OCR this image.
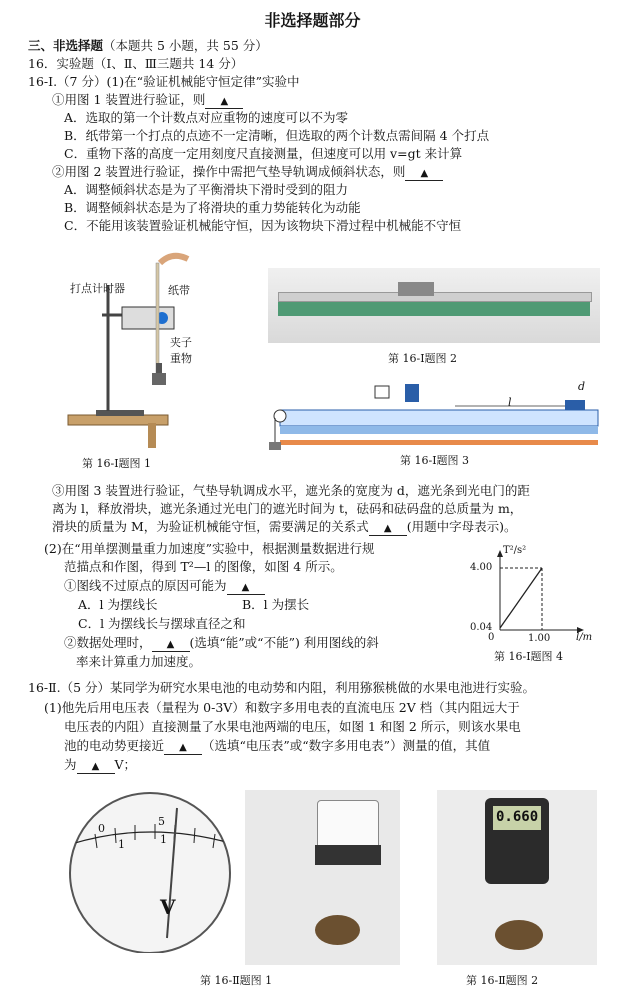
非选择题部分
三、非选择题（本题共 5 小题，共 55 分）
16．实验题（Ⅰ、Ⅱ、Ⅲ三题共 14 分）
16-Ⅰ.（7 分）(1)在“验证机械能守恒定律”实验中
①用图 1 装置进行验证，则 ▲
A．选取的第一个计数点对应重物的速度可以不为零
B．纸带第一个打点的点迹不一定清晰，但选取的两个计数点需间隔 4 个打点
C．重物下落的高度一定用刻度尺直接测量，但速度可以用 v=gt 来计算
②用图 2 装置进行验证，操作中需把气垫导轨调成倾斜状态，则 ▲
A．调整倾斜状态是为了平衡滑块下滑时受到的阻力
B．调整倾斜状态是为了将滑块的重力势能转化为动能
C．不能用该装置验证机械能守恒，因为该物块下滑过程中机械能不守恒
打点计时器	纸带
夹子
重物
第 16-Ⅰ题图 1
第 16-Ⅰ题图 2
l
d
第 16-Ⅰ题图 3
③用图 3 装置进行验证，气垫导轨调成水平，遮光条的宽度为 d，遮光条到光电门的距
离为 l，释放滑块，遮光条通过光电门的遮光时间为 t，砝码和砝码盘的总质量为 m，
滑块的质量为 M，为验证机械能守恒，需要满足的关系式 ▲ (用题中字母表示)。
(2)在“用单摆测量重力加速度”实验中，根据测量数据进行规
范描点和作图，得到 T²—l 的图像，如图 4 所示。
①图线不过原点的原因可能为 ▲
A．l 为摆线长	B．l 为摆长
C．l 为摆线长与摆球直径之和
②数据处理时， ▲ (选填“能”或“不能”) 利用图线的斜
率来计算重力加速度。
T²/s²
4.00
0.04
0	1.00	l/m
第 16-Ⅰ题图 4
16-Ⅱ.（5 分）某同学为研究水果电池的电动势和内阻，利用猕猴桃做的水果电池进行实验。
(1)他先后用电压表（量程为 0-3V）和数字多用电表的直流电压 2V 档（其内阻远大于
电压表的内阻）直接测量了水果电池两端的电压，如图 1 和图 2 所示，则该水果电
池的电动势更接近 ▲ （选填“电压表”或“数字多用电表”）测量的值，其值
为 ▲ V；
0
1
5
1
V
第 16-Ⅱ题图 1
0.660
第 16-Ⅱ题图 2
